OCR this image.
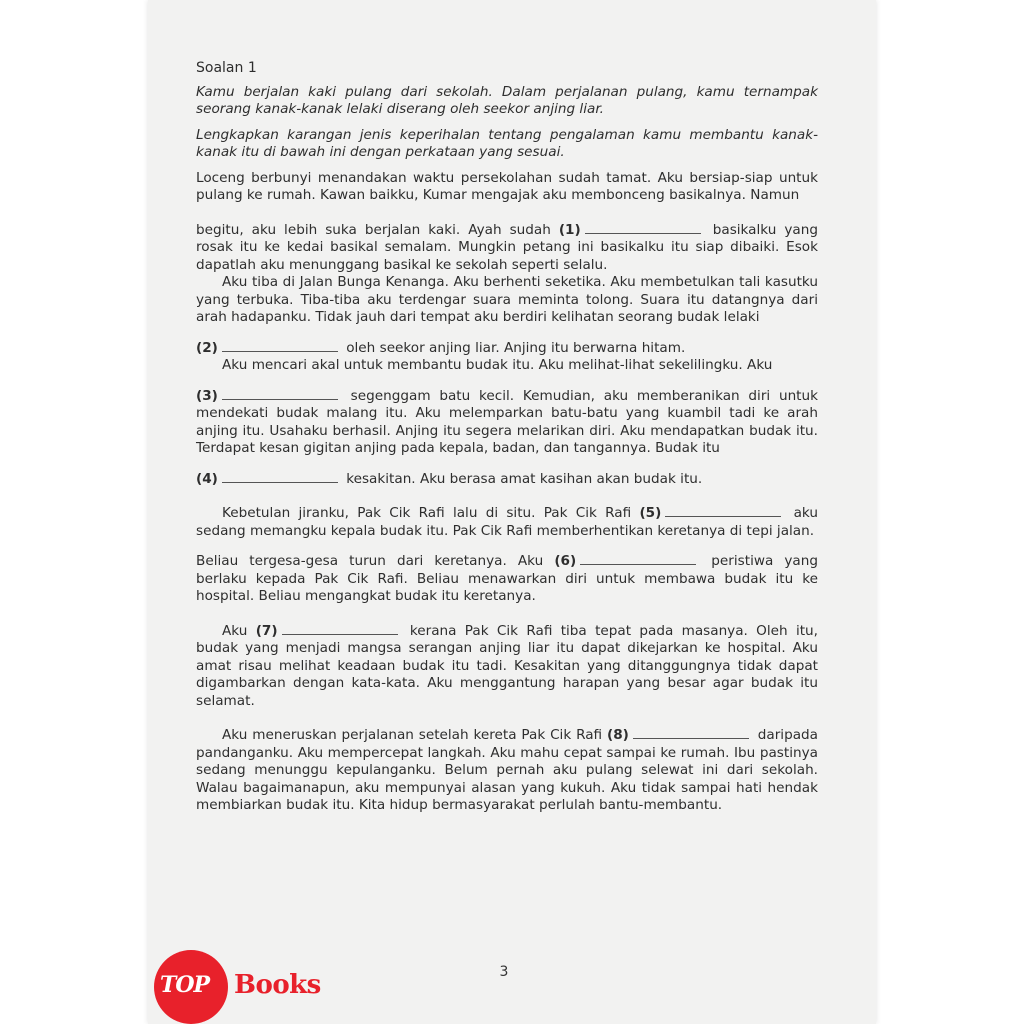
Soalan 1

Kamu berjalan kaki pulang dari sekolah. Dalam perjalanan pulang, kamu ternampak seorang kanak-kanak lelaki diserang oleh seekor anjing liar.

Lengkapkan karangan jenis keperihalan tentang pengalaman kamu membantu kanak-kanak itu di bawah ini dengan perkataan yang sesuai.

Loceng berbunyi menandakan waktu persekolahan sudah tamat. Aku bersiap-siap untuk pulang ke rumah. Kawan baikku, Kumar mengajak aku membonceng basikalnya. Namun

begitu, aku lebih suka berjalan kaki. Ayah sudah (1)	basikalku yang rosak itu ke kedai basikal semalam. Mungkin petang ini basikalku itu siap dibaiki. Esok dapatlah aku menunggang basikal ke sekolah seperti selalu.

Aku tiba di Jalan Bunga Kenanga. Aku berhenti seketika. Aku membetulkan tali kasutku yang terbuka. Tiba-tiba aku terdengar suara meminta tolong. Suara itu datangnya dari arah hadapanku. Tidak jauh dari tempat aku berdiri kelihatan seorang budak lelaki

(2)	oleh seekor anjing liar. Anjing itu berwarna hitam.

Aku mencari akal untuk membantu budak itu. Aku melihat-lihat sekelilingku. Aku

(3)	segenggam batu kecil. Kemudian, aku memberanikan diri untuk mendekati budak malang itu. Aku melemparkan batu-batu yang kuambil tadi ke arah anjing itu. Usahaku berhasil. Anjing itu segera melarikan diri. Aku mendapatkan budak itu. Terdapat kesan gigitan anjing pada kepala, badan, dan tangannya. Budak itu

(4)	kesakitan. Aku berasa amat kasihan akan budak itu.

Kebetulan jiranku, Pak Cik Rafi lalu di situ. Pak Cik Rafi (5)	aku sedang memangku kepala budak itu. Pak Cik Rafi memberhentikan keretanya di tepi jalan.

Beliau tergesa-gesa turun dari keretanya. Aku (6)	peristiwa yang berlaku kepada Pak Cik Rafi. Beliau menawarkan diri untuk membawa budak itu ke hospital. Beliau mengangkat budak itu keretanya.

Aku (7)	kerana Pak Cik Rafi tiba tepat pada masanya. Oleh itu, budak yang menjadi mangsa serangan anjing liar itu dapat dikejarkan ke hospital. Aku amat risau melihat keadaan budak itu tadi. Kesakitan yang ditanggungnya tidak dapat digambarkan dengan kata-kata. Aku menggantung harapan yang besar agar budak itu selamat.

Aku meneruskan perjalanan setelah kereta Pak Cik Rafi (8)	daripada pandanganku. Aku mempercepat langkah. Aku mahu cepat sampai ke rumah. Ibu pastinya sedang menunggu kepulanganku. Belum pernah aku pulang selewat ini dari sekolah. Walau bagaimanapun, aku mempunyai alasan yang kukuh. Aku tidak sampai hati hendak membiarkan budak itu. Kita hidup bermasyarakat perlulah bantu-membantu.

3
TOP Books
